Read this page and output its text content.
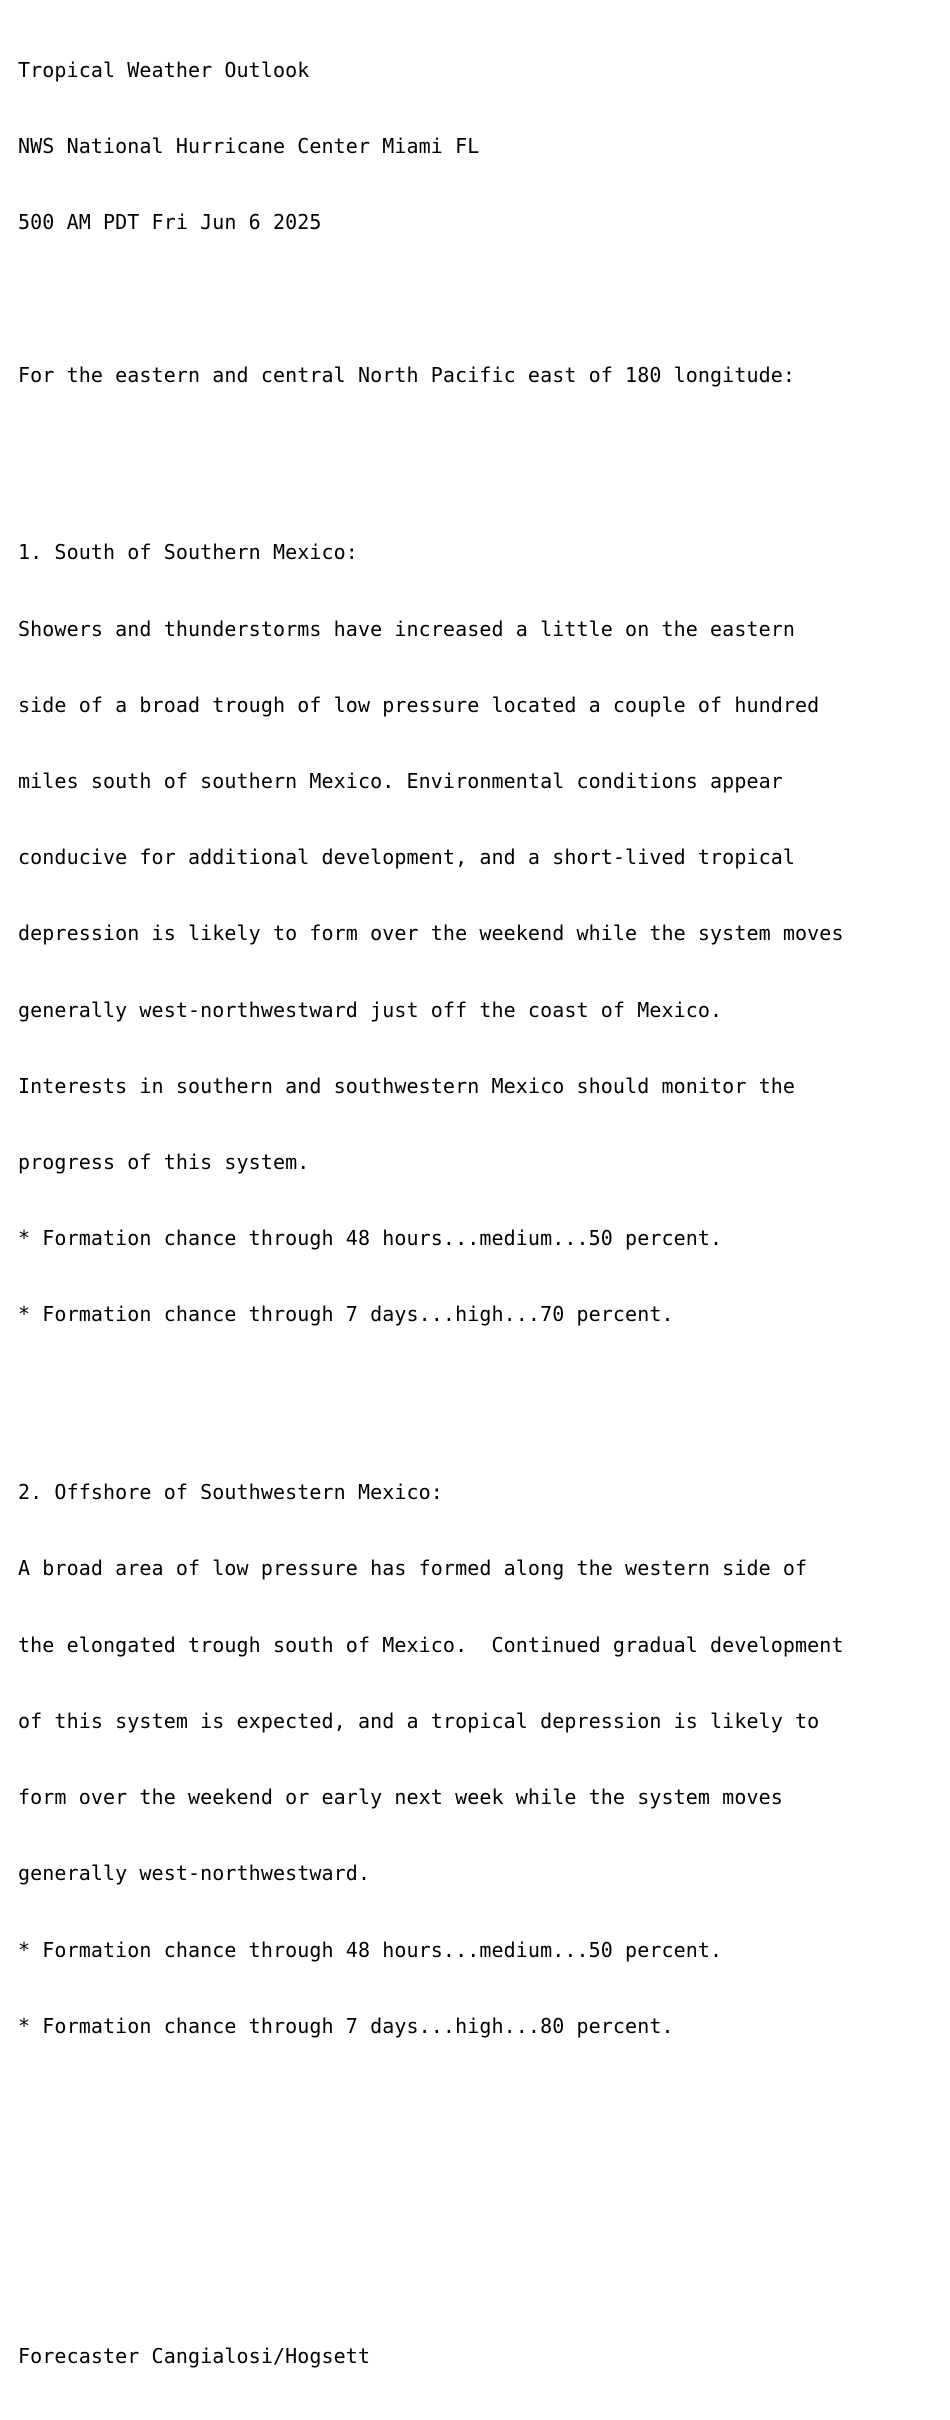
Tropical Weather Outlook

NWS National Hurricane Center Miami FL

500 AM PDT Fri Jun 6 2025

For the eastern and central North Pacific east of 180 longitude:

1. South of Southern Mexico:

Showers and thunderstorms have increased a little on the eastern

side of a broad trough of low pressure located a couple of hundred

miles south of southern Mexico. Environmental conditions appear

conducive for additional development, and a short-lived tropical

depression is likely to form over the weekend while the system moves

generally west-northwestward just off the coast of Mexico.

Interests in southern and southwestern Mexico should monitor the

progress of this system.

* Formation chance through 48 hours...medium...50 percent.

* Formation chance through 7 days...high...70 percent.

2. Offshore of Southwestern Mexico:

A broad area of low pressure has formed along the western side of

the elongated trough south of Mexico.  Continued gradual development

of this system is expected, and a tropical depression is likely to

form over the weekend or early next week while the system moves

generally west-northwestward.

* Formation chance through 48 hours...medium...50 percent.

* Formation chance through 7 days...high...80 percent.

Forecaster Cangialosi/Hogsett
